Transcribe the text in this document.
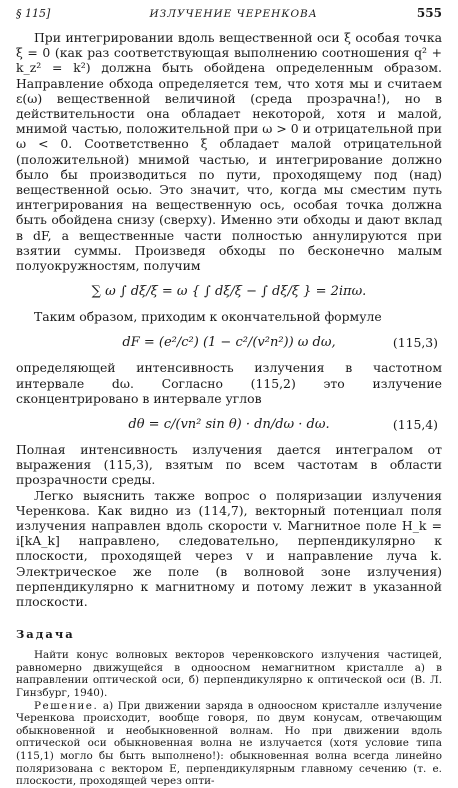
§ 115]	ИЗЛУЧЕНИЕ ЧЕРЕНКОВА	555

При интегрировании вдоль вещественной оси ξ особая точка ξ = 0 (как раз соответствующая выполнению соотношения q² + k_z² = k²) должна быть обойдена определенным образом. Направление обхода определяется тем, что хотя мы и считаем ε(ω) вещественной величиной (среда прозрачна!), но в действительности она обладает некоторой, хотя и малой, мнимой частью, положительной при ω > 0 и отрицательной при ω < 0. Соответственно ξ обладает малой отрицательной (положительной) мнимой частью, и интегрирование должно было бы производиться по пути, проходящему под (над) вещественной осью. Это значит, что, когда мы сместим путь интегрирования на вещественную ось, особая точка должна быть обойдена снизу (сверху). Именно эти обходы и дают вклад в dF, а вещественные части полностью аннулируются при взятии суммы. Произведя обходы по бесконечно малым полуокружностям, получим

∑ ω ∫ dξ/ξ = ω { ∫ dξ/ξ − ∫ dξ/ξ } = 2iπω.

Таким образом, приходим к окончательной формуле

dF = (e²/c²) (1 − c²/(v²n²)) ω dω,	(115,3)

определяющей интенсивность излучения в частотном интервале dω. Согласно (115,2) это излучение сконцентрировано в интервале углов

dθ = c/(vn² sin θ) · dn/dω · dω.	(115,4)

Полная интенсивность излучения дается интегралом от выражения (115,3), взятым по всем частотам в области прозрачности среды.

Легко выяснить также вопрос о поляризации излучения Черенкова. Как видно из (114,7), векторный потенциал поля излучения направлен вдоль скорости v. Магнитное поле H_k = i[kA_k] направлено, следовательно, перпендикулярно к плоскости, проходящей через v и направление луча k. Электрическое же поле (в волновой зоне излучения) перпендикулярно к магнитному и потому лежит в указанной плоскости.

Задача

Найти конус волновых векторов черенковского излучения частицей, равномерно движущейся в одноосном немагнитном кристалле а) в направлении оптической оси, б) перпендикулярно к оптической оси (В. Л. Гинзбург, 1940).

Решение. а) При движении заряда в одноосном кристалле излучение Черенкова происходит, вообще говоря, по двум конусам, отвечающим обыкновенной и необыкновенной волнам. Но при движении вдоль оптической оси обыкновенная волна не излучается (хотя условие типа (115,1) могло бы быть выполнено!): обыкновенная волна всегда линейно поляризована с вектором E, перпендикулярным главному сечению (т. е. плоскости, проходящей через опти-
